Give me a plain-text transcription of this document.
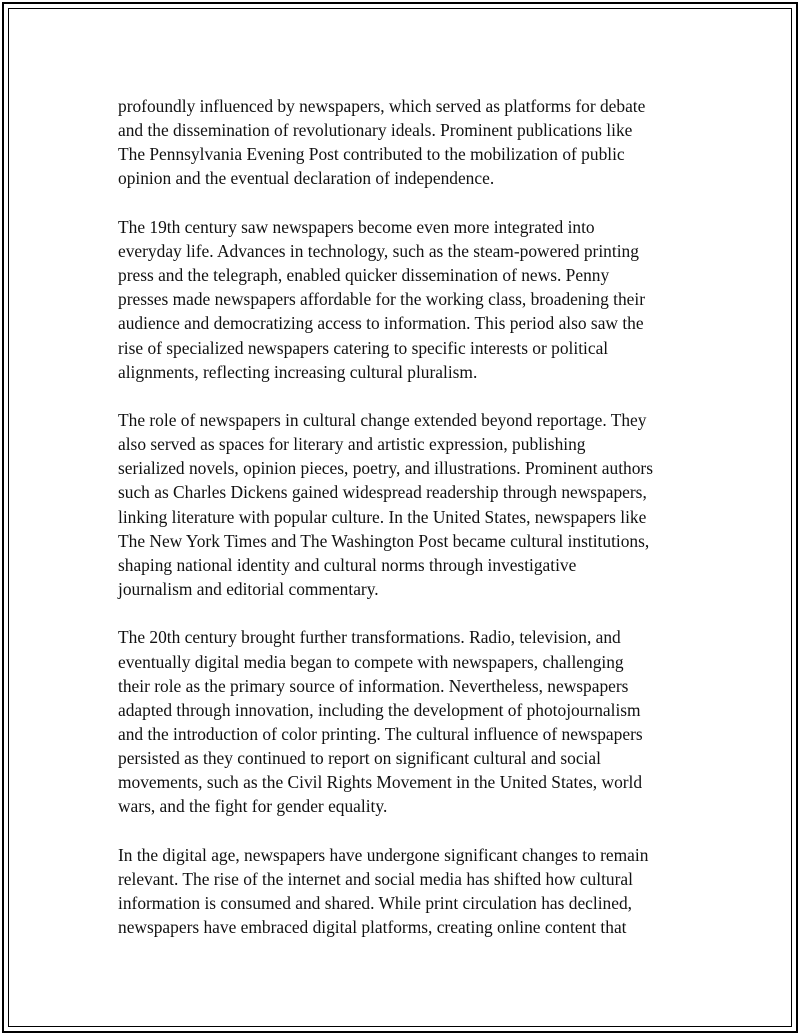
profoundly influenced by newspapers, which served as platforms for debate
and the dissemination of revolutionary ideals. Prominent publications like
The Pennsylvania Evening Post contributed to the mobilization of public
opinion and the eventual declaration of independence.

The 19th century saw newspapers become even more integrated into
everyday life. Advances in technology, such as the steam-powered printing
press and the telegraph, enabled quicker dissemination of news. Penny
presses made newspapers affordable for the working class, broadening their
audience and democratizing access to information. This period also saw the
rise of specialized newspapers catering to specific interests or political
alignments, reflecting increasing cultural pluralism.

The role of newspapers in cultural change extended beyond reportage. They
also served as spaces for literary and artistic expression, publishing
serialized novels, opinion pieces, poetry, and illustrations. Prominent authors
such as Charles Dickens gained widespread readership through newspapers,
linking literature with popular culture. In the United States, newspapers like
The New York Times and The Washington Post became cultural institutions,
shaping national identity and cultural norms through investigative
journalism and editorial commentary.

The 20th century brought further transformations. Radio, television, and
eventually digital media began to compete with newspapers, challenging
their role as the primary source of information. Nevertheless, newspapers
adapted through innovation, including the development of photojournalism
and the introduction of color printing. The cultural influence of newspapers
persisted as they continued to report on significant cultural and social
movements, such as the Civil Rights Movement in the United States, world
wars, and the fight for gender equality.

In the digital age, newspapers have undergone significant changes to remain
relevant. The rise of the internet and social media has shifted how cultural
information is consumed and shared. While print circulation has declined,
newspapers have embraced digital platforms, creating online content that
